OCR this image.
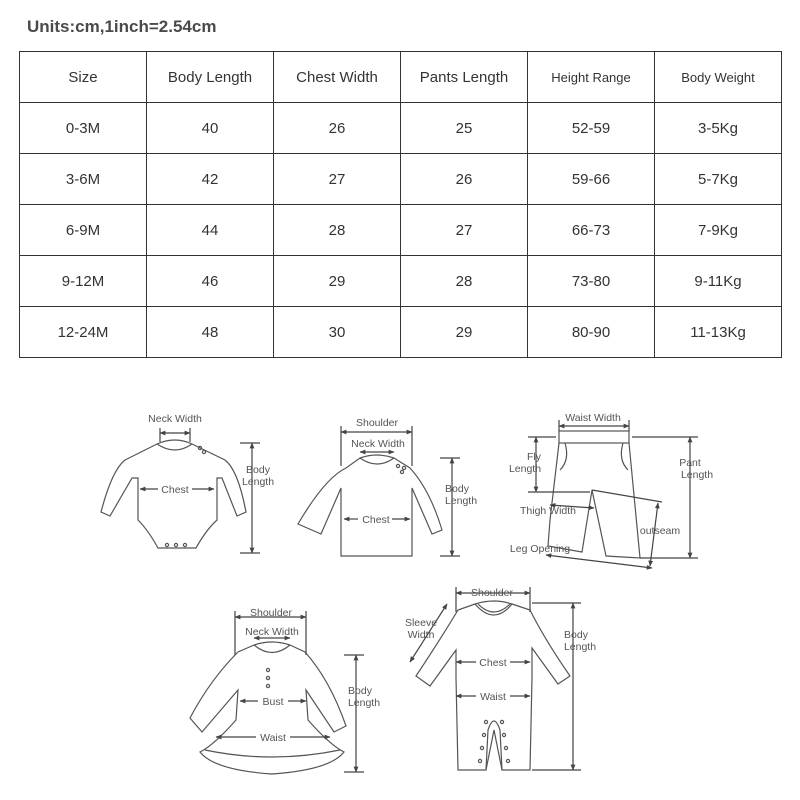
Units:cm,1inch=2.54cm
Size	Body Length	Chest Width	Pants Length	Height Range	Body Weight
0-3M	40	26	25	52-59	3-5Kg
3-6M	42	27	26	59-66	5-7Kg
6-9M	44	28	27	66-73	7-9Kg
9-12M	46	29	28	73-80	9-11Kg
12-24M	48	30	29	80-90	11-13Kg
Neck Width
Chest
Body
Length
Shoulder
Neck Width
Chest
Body
Length
Waist Width
Fly
Length	Pant
Length
Thigh Width
outseam
Leg Opening
Shoulder
Neck Width
Bust
Waist
Body
Length
Shoulder
Sleeve
Width
Chest
Waist
Body
Length
